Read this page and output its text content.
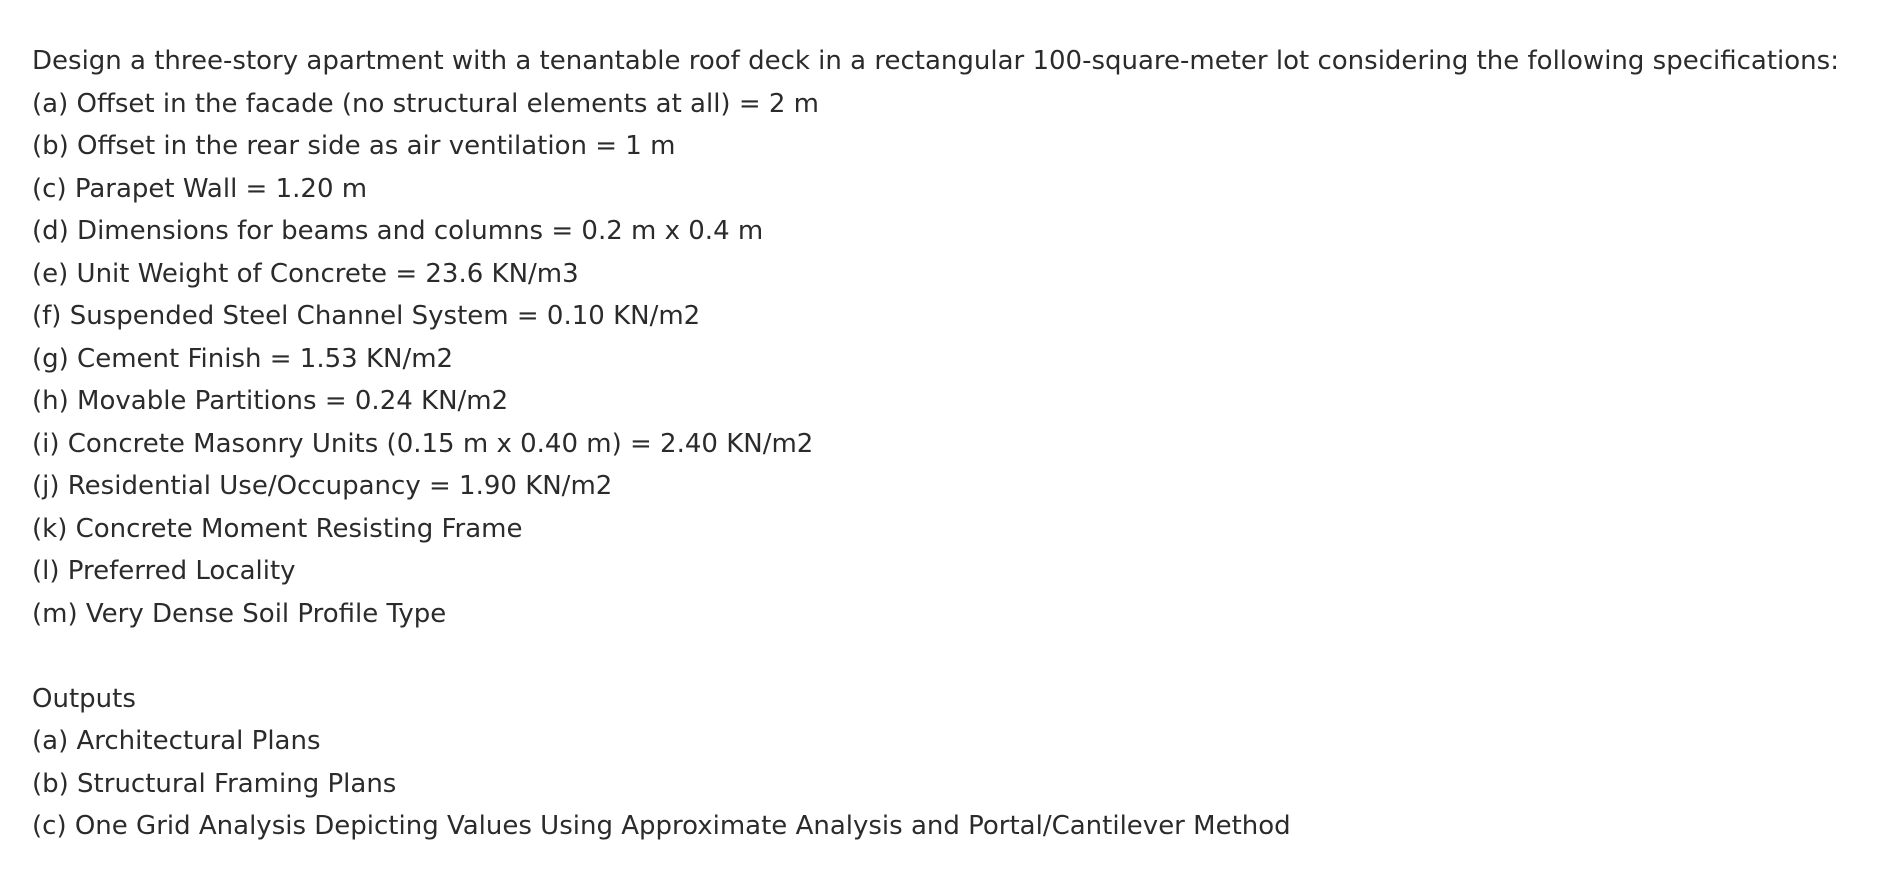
Design a three-story apartment with a tenantable roof deck in a rectangular 100-square-meter lot considering the following specifications:
(a) Offset in the facade (no structural elements at all) = 2 m
(b) Offset in the rear side as air ventilation = 1 m
(c) Parapet Wall = 1.20 m
(d) Dimensions for beams and columns = 0.2 m x 0.4 m
(e) Unit Weight of Concrete = 23.6 KN/m3
(f) Suspended Steel Channel System = 0.10 KN/m2
(g) Cement Finish = 1.53 KN/m2
(h) Movable Partitions = 0.24 KN/m2
(i) Concrete Masonry Units (0.15 m x 0.40 m) = 2.40 KN/m2
(j) Residential Use/Occupancy = 1.90 KN/m2
(k) Concrete Moment Resisting Frame
(l) Preferred Locality
(m) Very Dense Soil Profile Type
Outputs
(a) Architectural Plans
(b) Structural Framing Plans
(c) One Grid Analysis Depicting Values Using Approximate Analysis and Portal/Cantilever Method
